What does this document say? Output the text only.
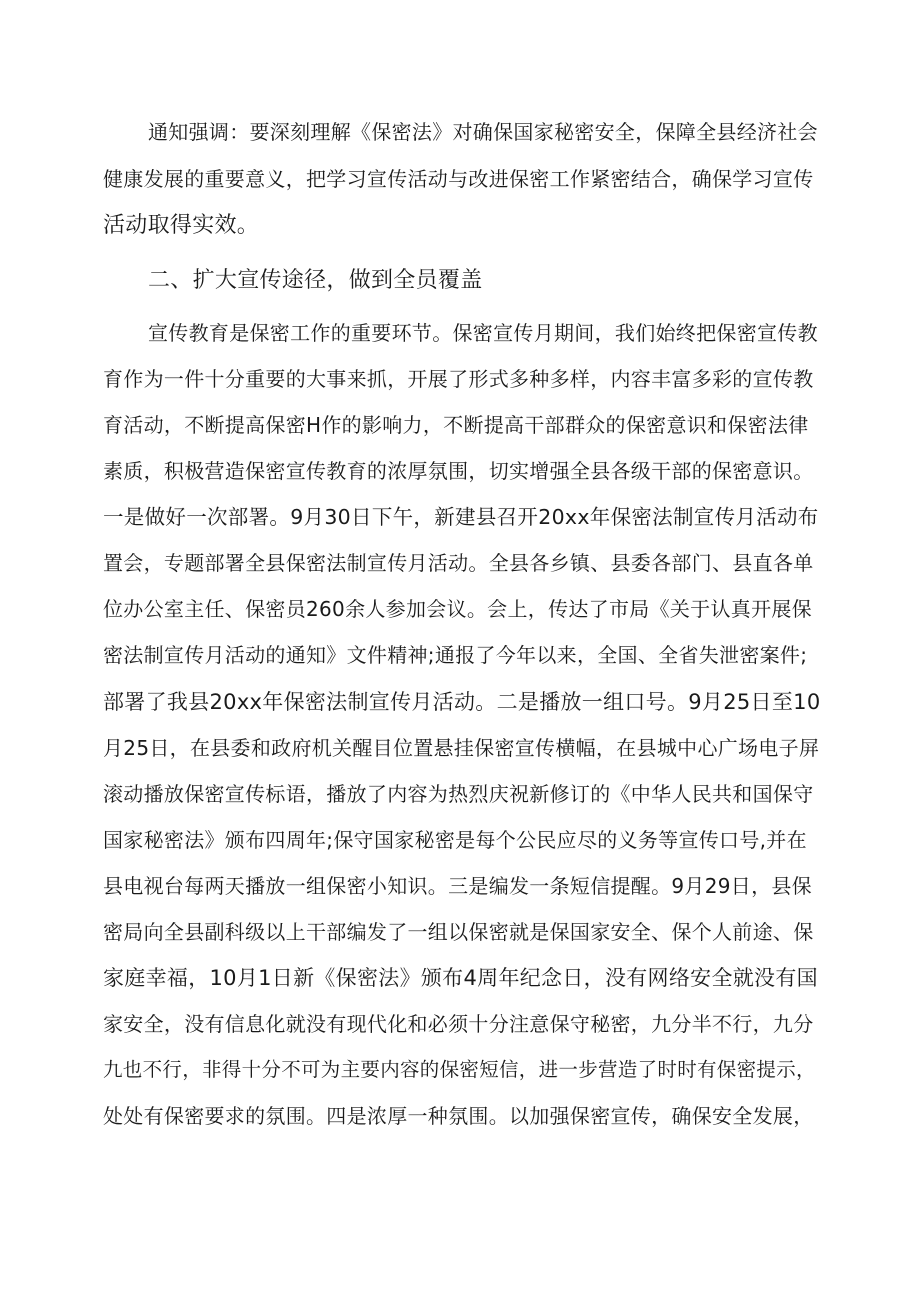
通知强调：要深刻理解《保密法》对确保国家秘密安全，保障全县经济社会

健康发展的重要意义，把学习宣传活动与改进保密工作紧密结合，确保学习宣传

活动取得实效。

二、扩大宣传途径，做到全员覆盖

宣传教育是保密工作的重要环节。保密宣传月期间，我们始终把保密宣传教

育作为一件十分重要的大事来抓，开展了形式多种多样，内容丰富多彩的宣传教

育活动，不断提高保密H作的影响力，不断提高干部群众的保密意识和保密法律

素质，积极营造保密宣传教育的浓厚氛围，切实增强全县各级干部的保密意识。

一是做好一次部署。9月30日下午，新建县召开20xx年保密法制宣传月活动布

置会，专题部署全县保密法制宣传月活动。全县各乡镇、县委各部门、县直各单

位办公室主任、保密员260余人参加会议。会上，传达了市局《关于认真开展保

密法制宣传月活动的通知》文件精神;通报了今年以来，全国、全省失泄密案件;

部署了我县20xx年保密法制宣传月活动。二是播放一组口号。9月25日至10

月25日，在县委和政府机关醒目位置悬挂保密宣传横幅，在县城中心广场电子屏

滚动播放保密宣传标语，播放了内容为热烈庆祝新修订的《中华人民共和国保守

国家秘密法》颁布四周年;保守国家秘密是每个公民应尽的义务等宣传口号,并在

县电视台每两天播放一组保密小知识。三是编发一条短信提醒。9月29日，县保

密局向全县副科级以上干部编发了一组以保密就是保国家安全、保个人前途、保

家庭幸福，10月1日新《保密法》颁布4周年纪念日，没有网络安全就没有国

家安全，没有信息化就没有现代化和必须十分注意保守秘密，九分半不行，九分

九也不行，非得十分不可为主要内容的保密短信，进一步营造了时时有保密提示，

处处有保密要求的氛围。四是浓厚一种氛围。以加强保密宣传，确保安全发展，
